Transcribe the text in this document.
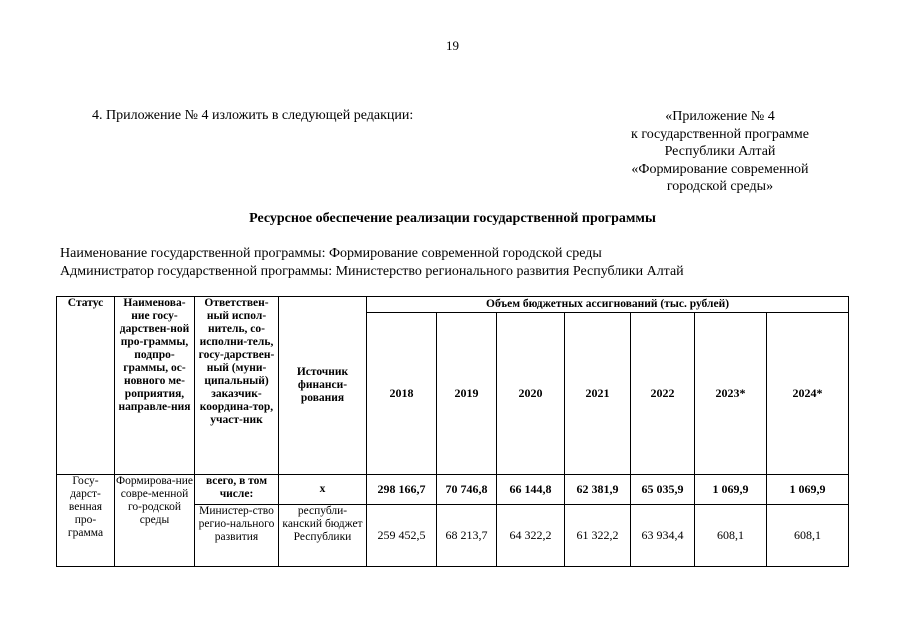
19
4. Приложение № 4 изложить в следующей редакции:	«Приложение № 4
к государственной программе
Республики Алтай
«Формирование современной
городской среды»
Ресурсное обеспечение реализации государственной программы
Наименование государственной программы: Формирование современной городской среды
Администратор государственной программы: Министерство регионального развития Республики Алтай
Статус	Наименова-ние госу-дарствен-ной про-граммы, подпро-граммы, ос-новного ме-роприятия, направле-ния	Ответствен-ный испол-нитель, со-исполни-тель, госу-дарствен-ный (муни-ципальный) заказчик-координа-тор, участ-ник	Источник финанси-рования	Объем бюджетных ассигнований (тыс. рублей)						
				2018	2019	2020	2021	2022	2023*	2024*
Госу-дарст-венная про-грамма	Формирова-ние совре-менной го-родской среды	всего, в том числе:	х	298 166,7	70 746,8	66 144,8	62 381,9	65 035,9	1 069,9	1 069,9
		Министер-ство регио-нального развития	республи-канский бюджет Республики	259 452,5	68 213,7	64 322,2	61 322,2	63 934,4	608,1	608,1
